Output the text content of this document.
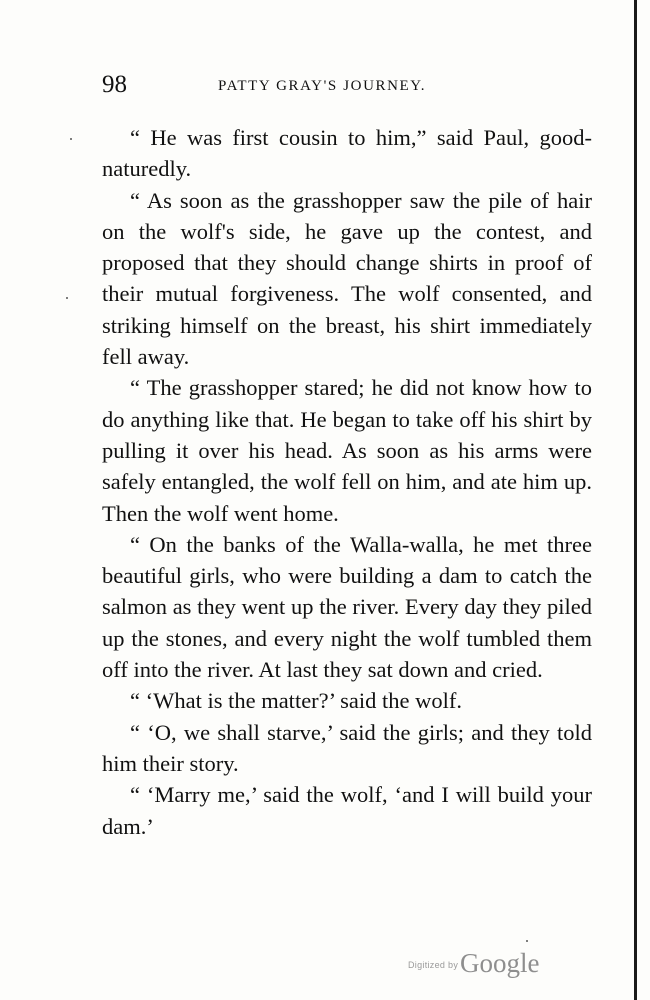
98	PATTY GRAY'S JOURNEY.

“ He was first cousin to him,” said Paul, good-naturedly.

“ As soon as the grasshopper saw the pile of hair on the wolf's side, he gave up the contest, and proposed that they should change shirts in proof of their mutual forgiveness. The wolf consented, and striking himself on the breast, his shirt immediately fell away.

“ The grasshopper stared; he did not know how to do anything like that. He began to take off his shirt by pulling it over his head. As soon as his arms were safely entangled, the wolf fell on him, and ate him up. Then the wolf went home.

“ On the banks of the Walla-walla, he met three beautiful girls, who were building a dam to catch the salmon as they went up the river. Every day they piled up the stones, and every night the wolf tumbled them off into the river. At last they sat down and cried.

“ ‘What is the matter?’ said the wolf.

“ ‘O, we shall starve,’ said the girls; and they told him their story.

“ ‘Marry me,’ said the wolf, ‘and I will build your dam.’

Digitized by Google
